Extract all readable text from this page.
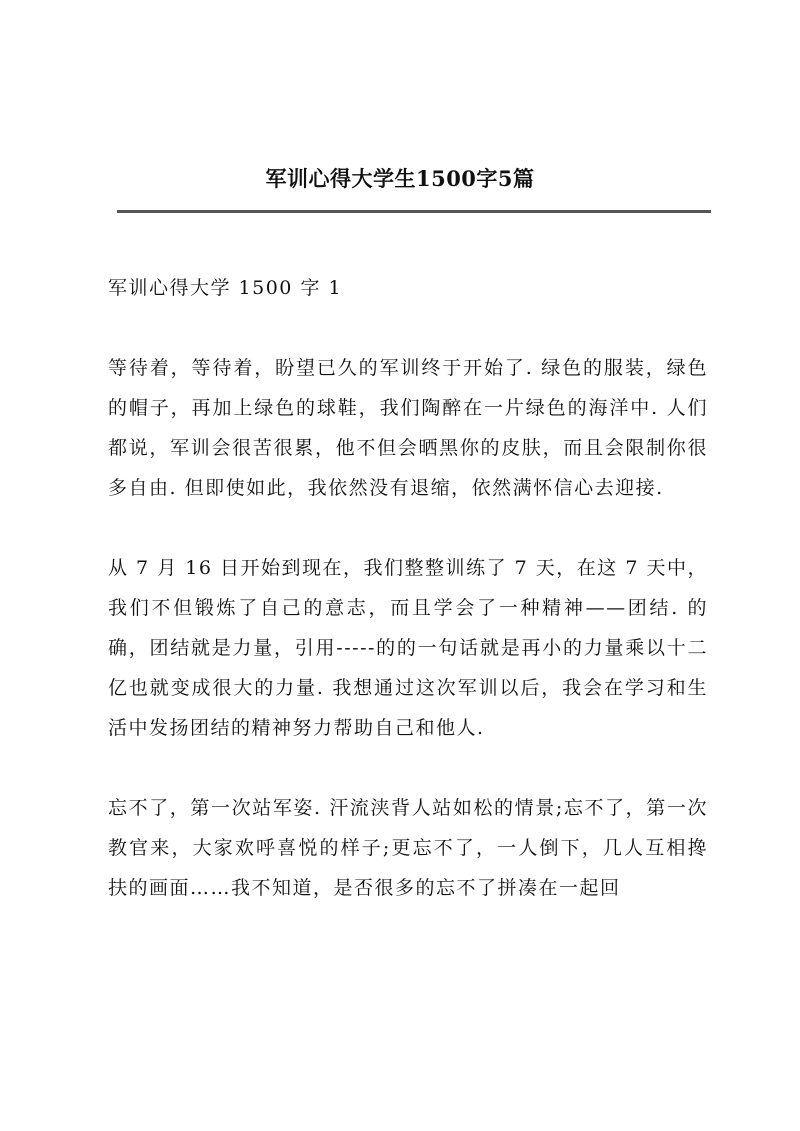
军训心得大学生1500字5篇

军训心得大学 1500 字 1

等待着，等待着，盼望已久的军训终于开始了. 绿色的服装，绿色的帽子，再加上绿色的球鞋，我们陶醉在一片绿色的海洋中. 人们都说，军训会很苦很累，他不但会晒黑你的皮肤，而且会限制你很多自由. 但即使如此，我依然没有退缩，依然满怀信心去迎接.

从 7 月 16 日开始到现在，我们整整训练了 7 天，在这 7 天中，我们不但锻炼了自己的意志，而且学会了一种精神——团结. 的确，团结就是力量，引用-----的的一句话就是再小的力量乘以十二亿也就变成很大的力量. 我想通过这次军训以后，我会在学习和生活中发扬团结的精神努力帮助自己和他人.

忘不了，第一次站军姿. 汗流浃背人站如松的情景;忘不了，第一次教官来，大家欢呼喜悦的样子;更忘不了，一人倒下，几人互相搀扶的画面……我不知道，是否很多的忘不了拼凑在一起回
